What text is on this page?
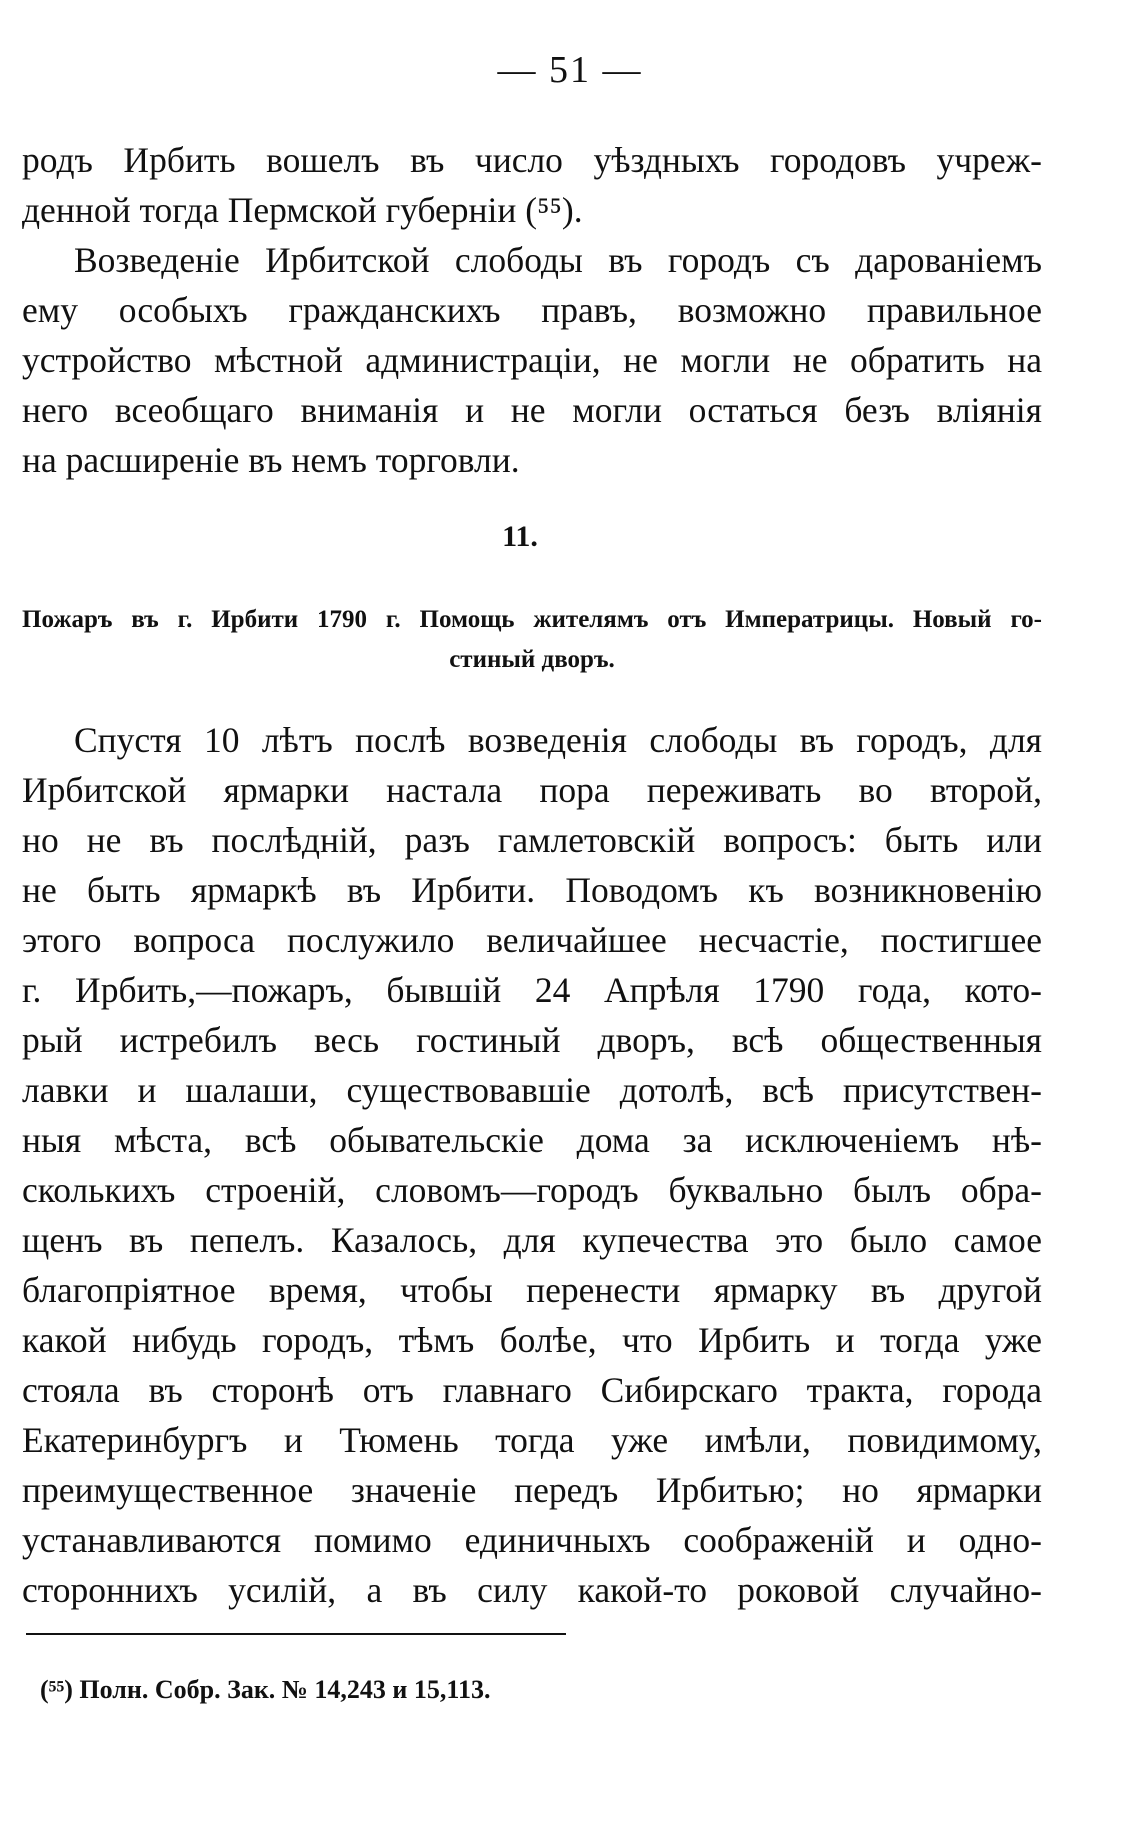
— 51 —
родъ Ирбить вошелъ въ число уѣздныхъ городовъ учреж-
денной тогда Пермской губерніи (⁵⁵).
Возведеніе Ирбитской слободы въ городъ съ дарованіемъ
ему особыхъ гражданскихъ правъ, возможно правильное
устройство мѣстной администраціи, не могли не обратить на
него всеобщаго вниманія и не могли остаться безъ вліянія
на расширеніе въ немъ торговли.
11.
Пожаръ въ г. Ирбити 1790 г. Помощь жителямъ отъ Императрицы. Новый го-
стиный дворъ.
Спустя 10 лѣтъ послѣ возведенія слободы въ городъ, для
Ирбитской ярмарки настала пора переживать во второй,
но не въ послѣдній, разъ гамлетовскій вопросъ: быть или
не быть ярмаркѣ въ Ирбити. Поводомъ къ возникновенію
этого вопроса послужило величайшее несчастіе, постигшее
г. Ирбить,—пожаръ, бывшій 24 Апрѣля 1790 года, кото-
рый истребилъ весь гостиный дворъ, всѣ общественныя
лавки и шалаши, существовавшіе дотолѣ, всѣ присутствен-
ныя мѣста, всѣ обывательскіе дома за исключеніемъ нѣ-
сколькихъ строеній, словомъ—городъ буквально былъ обра-
щенъ въ пепелъ. Казалось, для купечества это было самое
благопріятное время, чтобы перенести ярмарку въ другой
какой нибудь городъ, тѣмъ болѣе, что Ирбить и тогда уже
стояла въ сторонѣ отъ главнаго Сибирскаго тракта, города
Екатеринбургъ и Тюмень тогда уже имѣли, повидимому,
преимущественное значеніе передъ Ирбитью; но ярмарки
устанавливаются помимо единичныхъ соображеній и одно-
стороннихъ усилій, а въ силу какой-то роковой случайно-
(⁵⁵) Полн. Собр. Зак. № 14,243 и 15,113.
